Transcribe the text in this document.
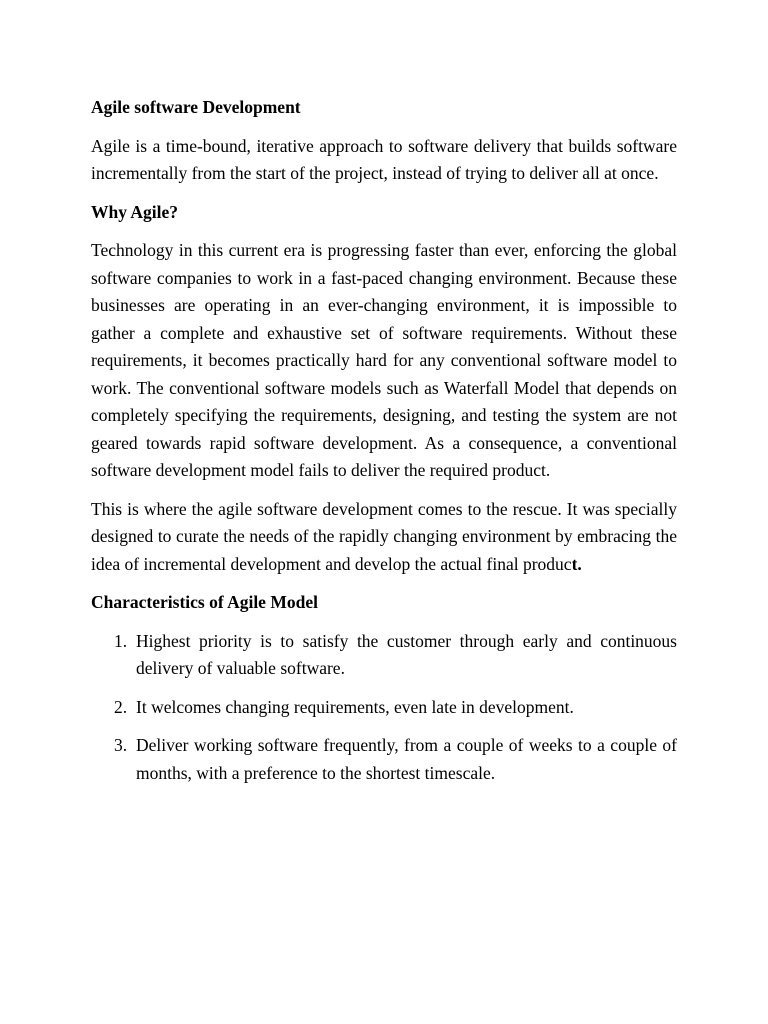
Agile software Development

Agile is a time-bound, iterative approach to software delivery that builds software incrementally from the start of the project, instead of trying to deliver all at once.

Why Agile?

Technology in this current era is progressing faster than ever, enforcing the global software companies to work in a fast-paced changing environment. Because these businesses are operating in an ever-changing environment, it is impossible to gather a complete and exhaustive set of software requirements. Without these requirements, it becomes practically hard for any conventional software model to work. The conventional software models such as Waterfall Model that depends on completely specifying the requirements, designing, and testing the system are not geared towards rapid software development. As a consequence, a conventional software development model fails to deliver the required product.

This is where the agile software development comes to the rescue. It was specially designed to curate the needs of the rapidly changing environment by embracing the idea of incremental development and develop the actual final product.

Characteristics of Agile Model

1. Highest priority is to satisfy the customer through early and continuous delivery of valuable software.
2. It welcomes changing requirements, even late in development.
3. Deliver working software frequently, from a couple of weeks to a couple of months, with a preference to the shortest timescale.
